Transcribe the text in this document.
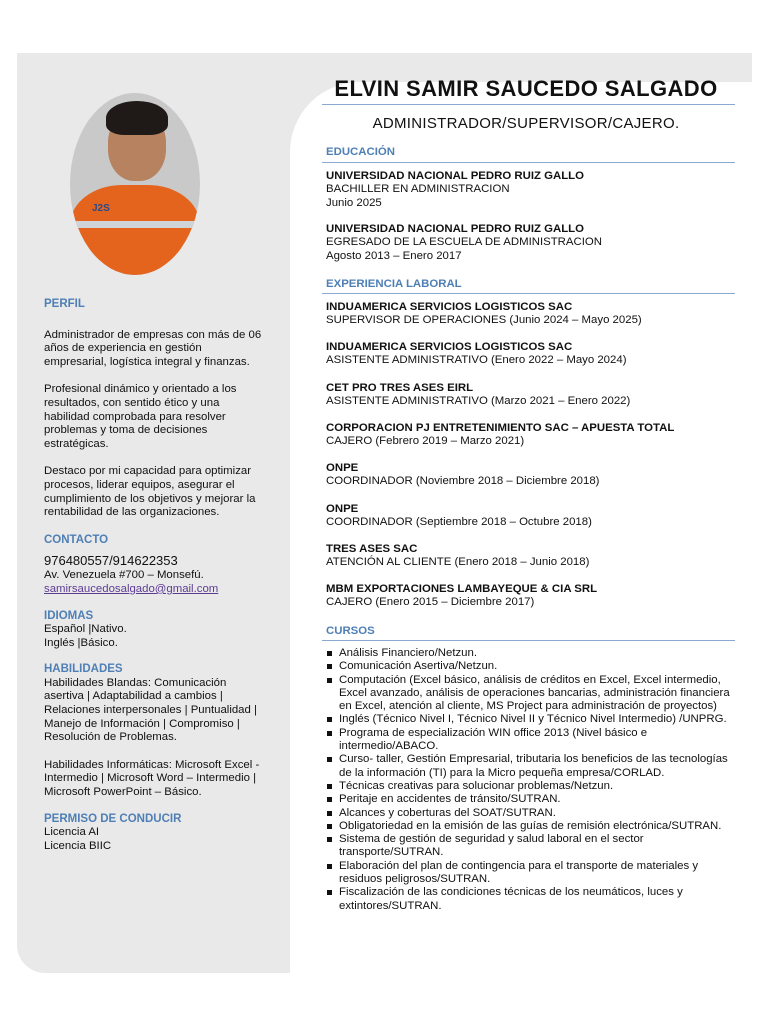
J2S

PERFIL

Administrador de empresas con más de 06 años de experiencia en gestión empresarial, logística integral y finanzas.

Profesional dinámico y orientado a los resultados, con sentido ético y una habilidad comprobada para resolver problemas y toma de decisiones estratégicas.

Destaco por mi capacidad para optimizar procesos, liderar equipos, asegurar el cumplimiento de los objetivos y mejorar la rentabilidad de las organizaciones.

CONTACTO

976480557/914622353

Av. Venezuela #700 – Monsefú.

samirsaucedosalgado@gmail.com

IDIOMAS

Español |Nativo.

Inglés |Básico.

HABILIDADES

Habilidades Blandas: Comunicación asertiva | Adaptabilidad a cambios | Relaciones interpersonales | Puntualidad | Manejo de Información | Compromiso | Resolución de Problemas.

Habilidades Informáticas: Microsoft Excel - Intermedio | Microsoft Word – Intermedio | Microsoft PowerPoint – Básico.

PERMISO DE CONDUCIR

Licencia AI

Licencia BIIC

ELVIN SAMIR SAUCEDO SALGADO
ADMINISTRADOR/SUPERVISOR/CAJERO.
EDUCACIÓN
UNIVERSIDAD NACIONAL PEDRO RUIZ GALLO
BACHILLER EN ADMINISTRACION
Junio 2025
UNIVERSIDAD NACIONAL PEDRO RUIZ GALLO
EGRESADO DE LA ESCUELA DE ADMINISTRACION
Agosto 2013 – Enero 2017
EXPERIENCIA LABORAL
INDUAMERICA SERVICIOS LOGISTICOS SAC
SUPERVISOR DE OPERACIONES (Junio 2024 – Mayo 2025)
INDUAMERICA SERVICIOS LOGISTICOS SAC
ASISTENTE ADMINISTRATIVO (Enero 2022 – Mayo 2024)
CET PRO TRES ASES EIRL
ASISTENTE ADMINISTRATIVO (Marzo 2021 – Enero 2022)
CORPORACION PJ ENTRETENIMIENTO SAC – APUESTA TOTAL
CAJERO (Febrero 2019 – Marzo 2021)
ONPE
COORDINADOR (Noviembre 2018 – Diciembre 2018)
ONPE
COORDINADOR (Septiembre 2018 – Octubre 2018)
TRES ASES SAC
ATENCIÓN AL CLIENTE (Enero 2018 – Junio 2018)
MBM EXPORTACIONES LAMBAYEQUE & CIA SRL
CAJERO (Enero 2015 – Diciembre 2017)
CURSOS
Análisis Financiero/Netzun.
Comunicación Asertiva/Netzun.
Computación (Excel básico, análisis de créditos en Excel, Excel intermedio, Excel avanzado, análisis de operaciones bancarias, administración financiera en Excel, atención al cliente, MS Project para administración de proyectos)
Inglés (Técnico Nivel I, Técnico Nivel II y Técnico Nivel Intermedio) /UNPRG.
Programa de especialización WIN office 2013 (Nivel básico e intermedio/ABACO.
Curso- taller, Gestión Empresarial, tributaria los beneficios de las tecnologías de la información (TI) para la Micro pequeña empresa/CORLAD.
Técnicas creativas para solucionar problemas/Netzun.
Peritaje en accidentes de tránsito/SUTRAN.
Alcances y coberturas del SOAT/SUTRAN.
Obligatoriedad en la emisión de las guías de remisión electrónica/SUTRAN.
Sistema de gestión de seguridad y salud laboral en el sector transporte/SUTRAN.
Elaboración del plan de contingencia para el transporte de materiales y residuos peligrosos/SUTRAN.
Fiscalización de las condiciones técnicas de los neumáticos, luces y extintores/SUTRAN.
